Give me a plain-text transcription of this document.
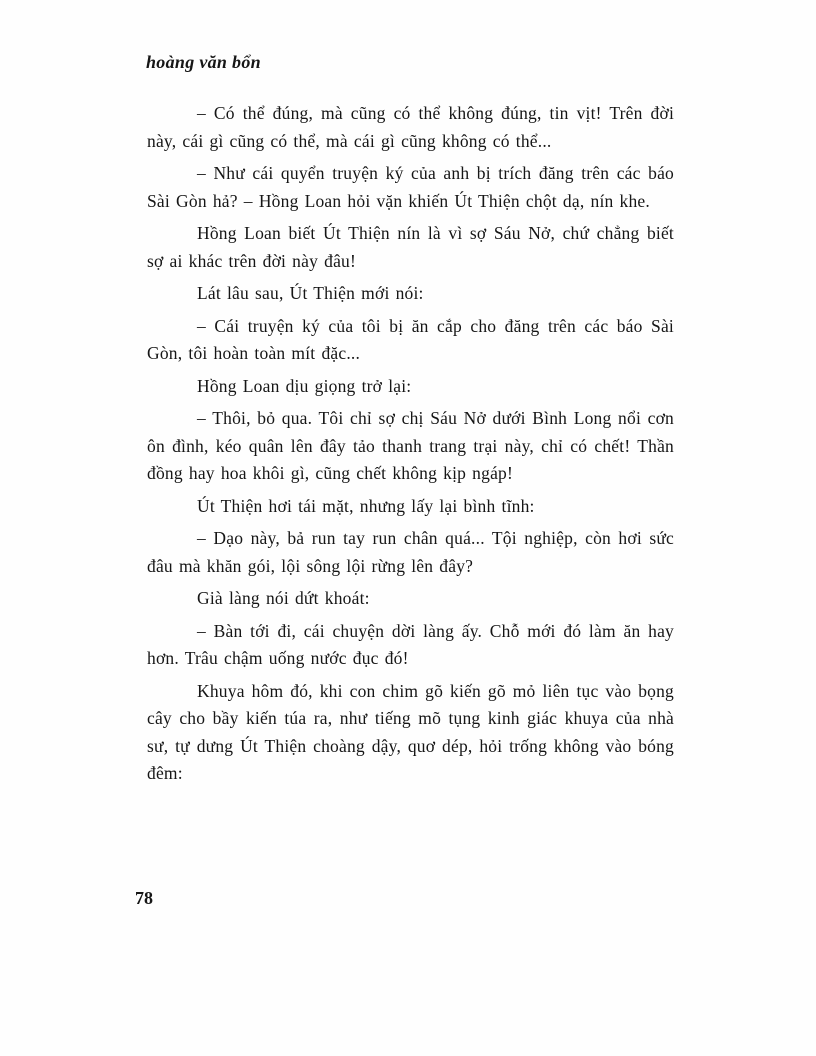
hoàng văn bổn

– Có thể đúng, mà cũng có thể không đúng, tin vịt! Trên đời này, cái gì cũng có thể, mà cái gì cũng không có thể...

– Như cái quyển truyện ký của anh bị trích đăng trên các báo Sài Gòn hả? – Hồng Loan hỏi vặn khiến Út Thiện chột dạ, nín khe.

Hồng Loan biết Út Thiện nín là vì sợ Sáu Nở, chứ chẳng biết sợ ai khác trên đời này đâu!

Lát lâu sau, Út Thiện mới nói:

– Cái truyện ký của tôi bị ăn cắp cho đăng trên các báo Sài Gòn, tôi hoàn toàn mít đặc...

Hồng Loan dịu giọng trở lại:

– Thôi, bỏ qua. Tôi chỉ sợ chị Sáu Nở dưới Bình Long nổi cơn ôn đình, kéo quân lên đây tảo thanh trang trại này, chỉ có chết! Thần đồng hay hoa khôi gì, cũng chết không kịp ngáp!

Út Thiện hơi tái mặt, nhưng lấy lại bình tĩnh:

– Dạo này, bả run tay run chân quá... Tội nghiệp, còn hơi sức đâu mà khăn gói, lội sông lội rừng lên đây?

Già làng nói dứt khoát:

– Bàn tới đi, cái chuyện dời làng ấy. Chỗ mới đó làm ăn hay hơn. Trâu chậm uống nước đục đó!

Khuya hôm đó, khi con chim gõ kiến gõ mỏ liên tục vào bọng cây cho bầy kiến túa ra, như tiếng mõ tụng kinh giác khuya của nhà sư, tự dưng Út Thiện choàng dậy, quơ dép, hỏi trống không vào bóng đêm:

78
